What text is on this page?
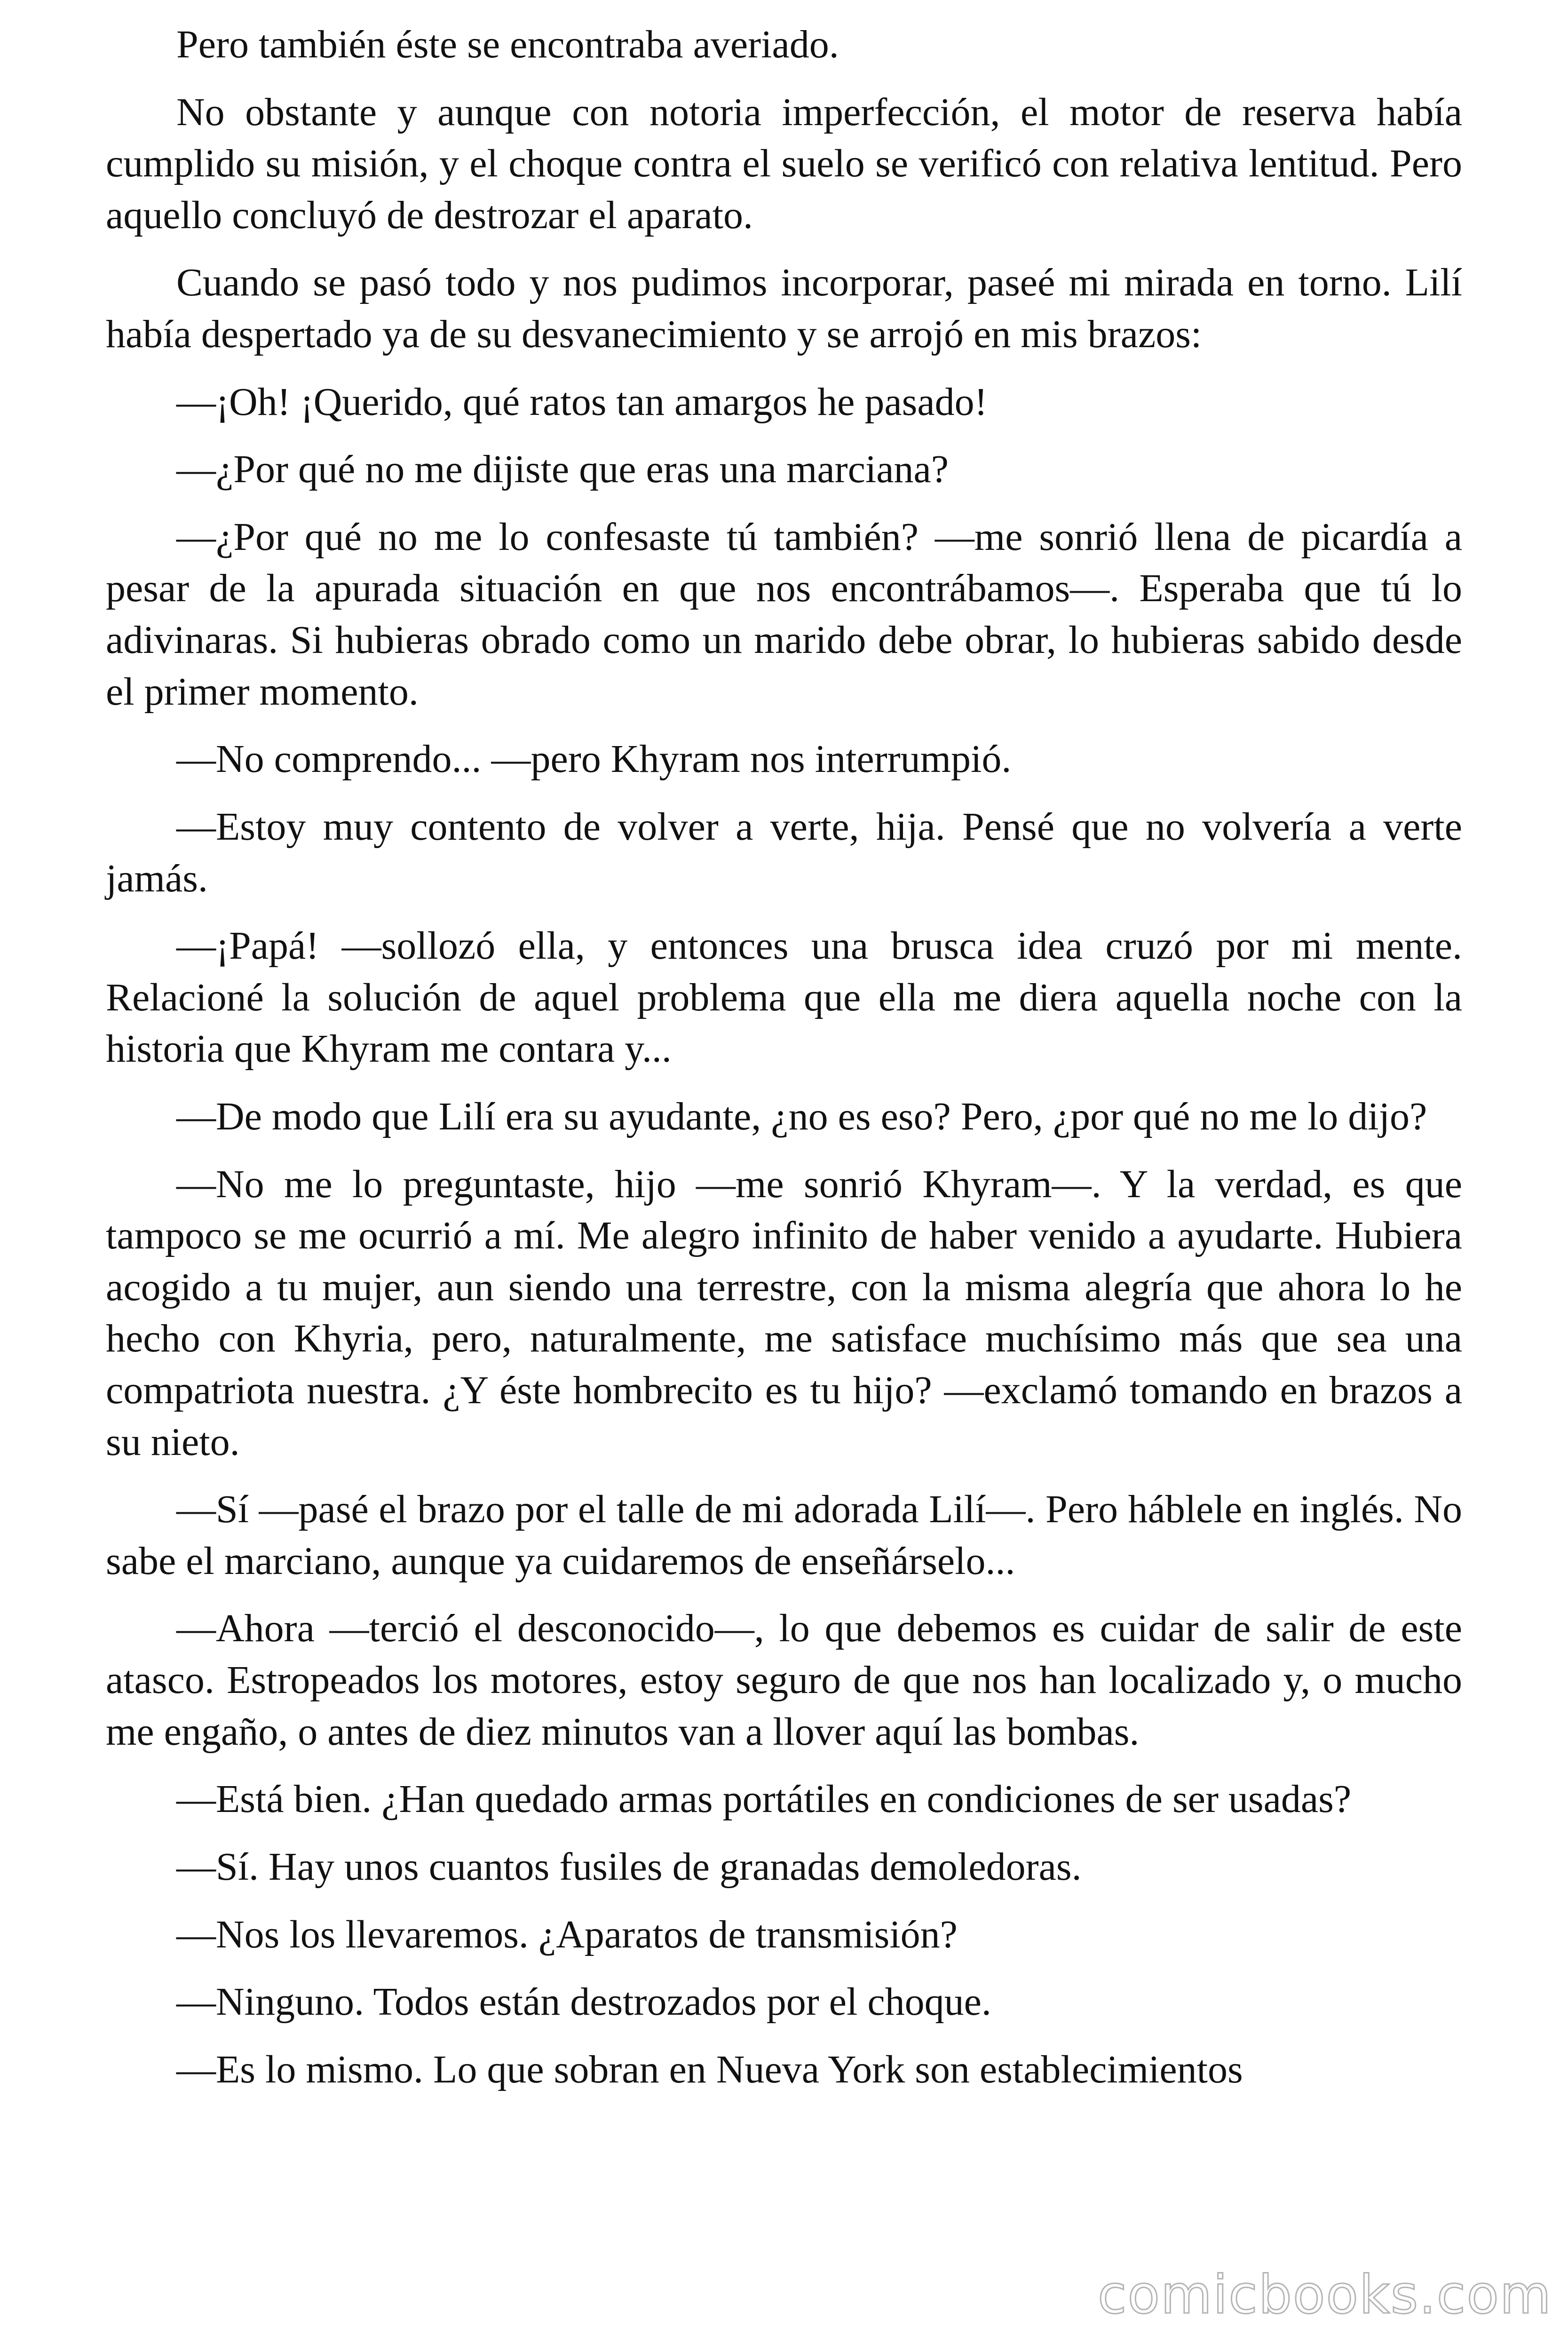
Pero también éste se encontraba averiado.

No obstante y aunque con notoria imperfección, el motor de reserva había cumplido su misión, y el choque contra el suelo se verificó con relativa lentitud. Pero aquello concluyó de destrozar el aparato.

Cuando se pasó todo y nos pudimos incorporar, paseé mi mirada en torno. Lilí había despertado ya de su desvanecimiento y se arrojó en mis brazos:

—¡Oh! ¡Querido, qué ratos tan amargos he pasado!

—¿Por qué no me dijiste que eras una marciana?

—¿Por qué no me lo confesaste tú también? —me sonrió llena de picardía a pesar de la apurada situación en que nos encontrábamos—. Esperaba que tú lo adivinaras. Si hubieras obrado como un marido debe obrar, lo hubieras sabido desde el primer momento.

—No comprendo... —pero Khyram nos interrumpió.

—Estoy muy contento de volver a verte, hija. Pensé que no volvería a verte jamás.

—¡Papá! —sollozó ella, y entonces una brusca idea cruzó por mi mente. Relacioné la solución de aquel problema que ella me diera aquella noche con la historia que Khyram me contara y...

—De modo que Lilí era su ayudante, ¿no es eso? Pero, ¿por qué no me lo dijo?

—No me lo preguntaste, hijo —me sonrió Khyram—. Y la verdad, es que tampoco se me ocurrió a mí. Me alegro infinito de haber venido a ayudarte. Hubiera acogido a tu mujer, aun siendo una terrestre, con la misma alegría que ahora lo he hecho con Khyria, pero, naturalmente, me satisface muchísimo más que sea una compatriota nuestra. ¿Y éste hombrecito es tu hijo? —exclamó tomando en brazos a su nieto.

—Sí —pasé el brazo por el talle de mi adorada Lilí—. Pero háblele en inglés. No sabe el marciano, aunque ya cuidaremos de enseñárselo...

—Ahora —terció el desconocido—, lo que debemos es cuidar de salir de este atasco. Estropeados los motores, estoy seguro de que nos han localizado y, o mucho me engaño, o antes de diez minutos van a llover aquí las bombas.

—Está bien. ¿Han quedado armas portátiles en condiciones de ser usadas?

—Sí. Hay unos cuantos fusiles de granadas demoledoras.

—Nos los llevaremos. ¿Aparatos de transmisión?

—Ninguno. Todos están destrozados por el choque.

—Es lo mismo. Lo que sobran en Nueva York son establecimientos

comicbooks.com
